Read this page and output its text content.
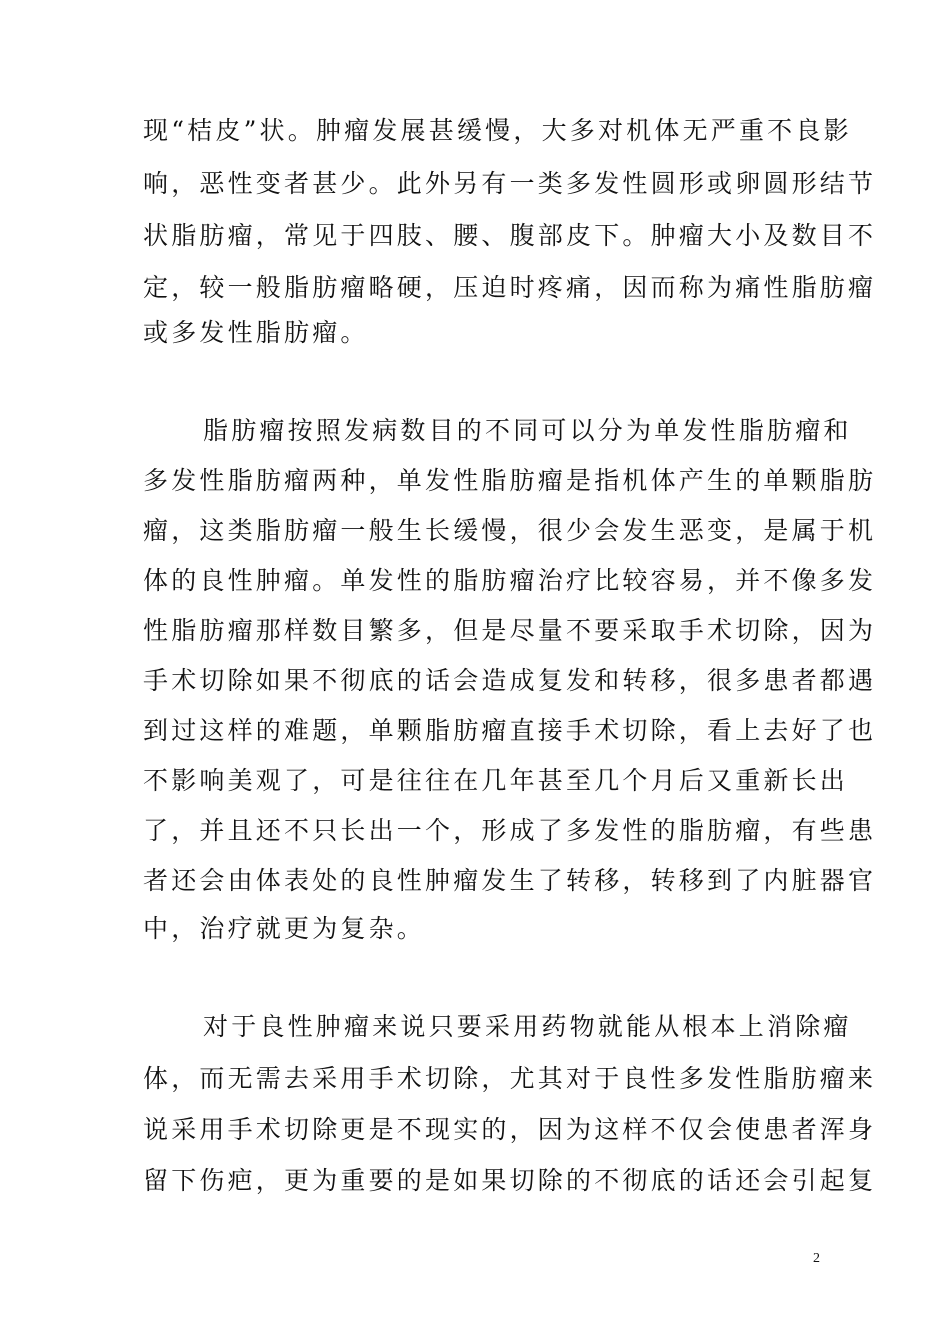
现“桔皮”状。肿瘤发展甚缓慢，大多对机体无严重不良影
响，恶性变者甚少。此外另有一类多发性圆形或卵圆形结节
状脂肪瘤，常见于四肢、腰、腹部皮下。肿瘤大小及数目不
定，较一般脂肪瘤略硬，压迫时疼痛，因而称为痛性脂肪瘤
或多发性脂肪瘤。
脂肪瘤按照发病数目的不同可以分为单发性脂肪瘤和
多发性脂肪瘤两种，单发性脂肪瘤是指机体产生的单颗脂肪
瘤，这类脂肪瘤一般生长缓慢，很少会发生恶变，是属于机
体的良性肿瘤。单发性的脂肪瘤治疗比较容易，并不像多发
性脂肪瘤那样数目繁多，但是尽量不要采取手术切除，因为
手术切除如果不彻底的话会造成复发和转移，很多患者都遇
到过这样的难题，单颗脂肪瘤直接手术切除，看上去好了也
不影响美观了，可是往往在几年甚至几个月后又重新长出
了，并且还不只长出一个，形成了多发性的脂肪瘤，有些患
者还会由体表处的良性肿瘤发生了转移，转移到了内脏器官
中，治疗就更为复杂。
对于良性肿瘤来说只要采用药物就能从根本上消除瘤
体，而无需去采用手术切除，尤其对于良性多发性脂肪瘤来
说采用手术切除更是不现实的，因为这样不仅会使患者浑身
留下伤疤，更为重要的是如果切除的不彻底的话还会引起复
2
